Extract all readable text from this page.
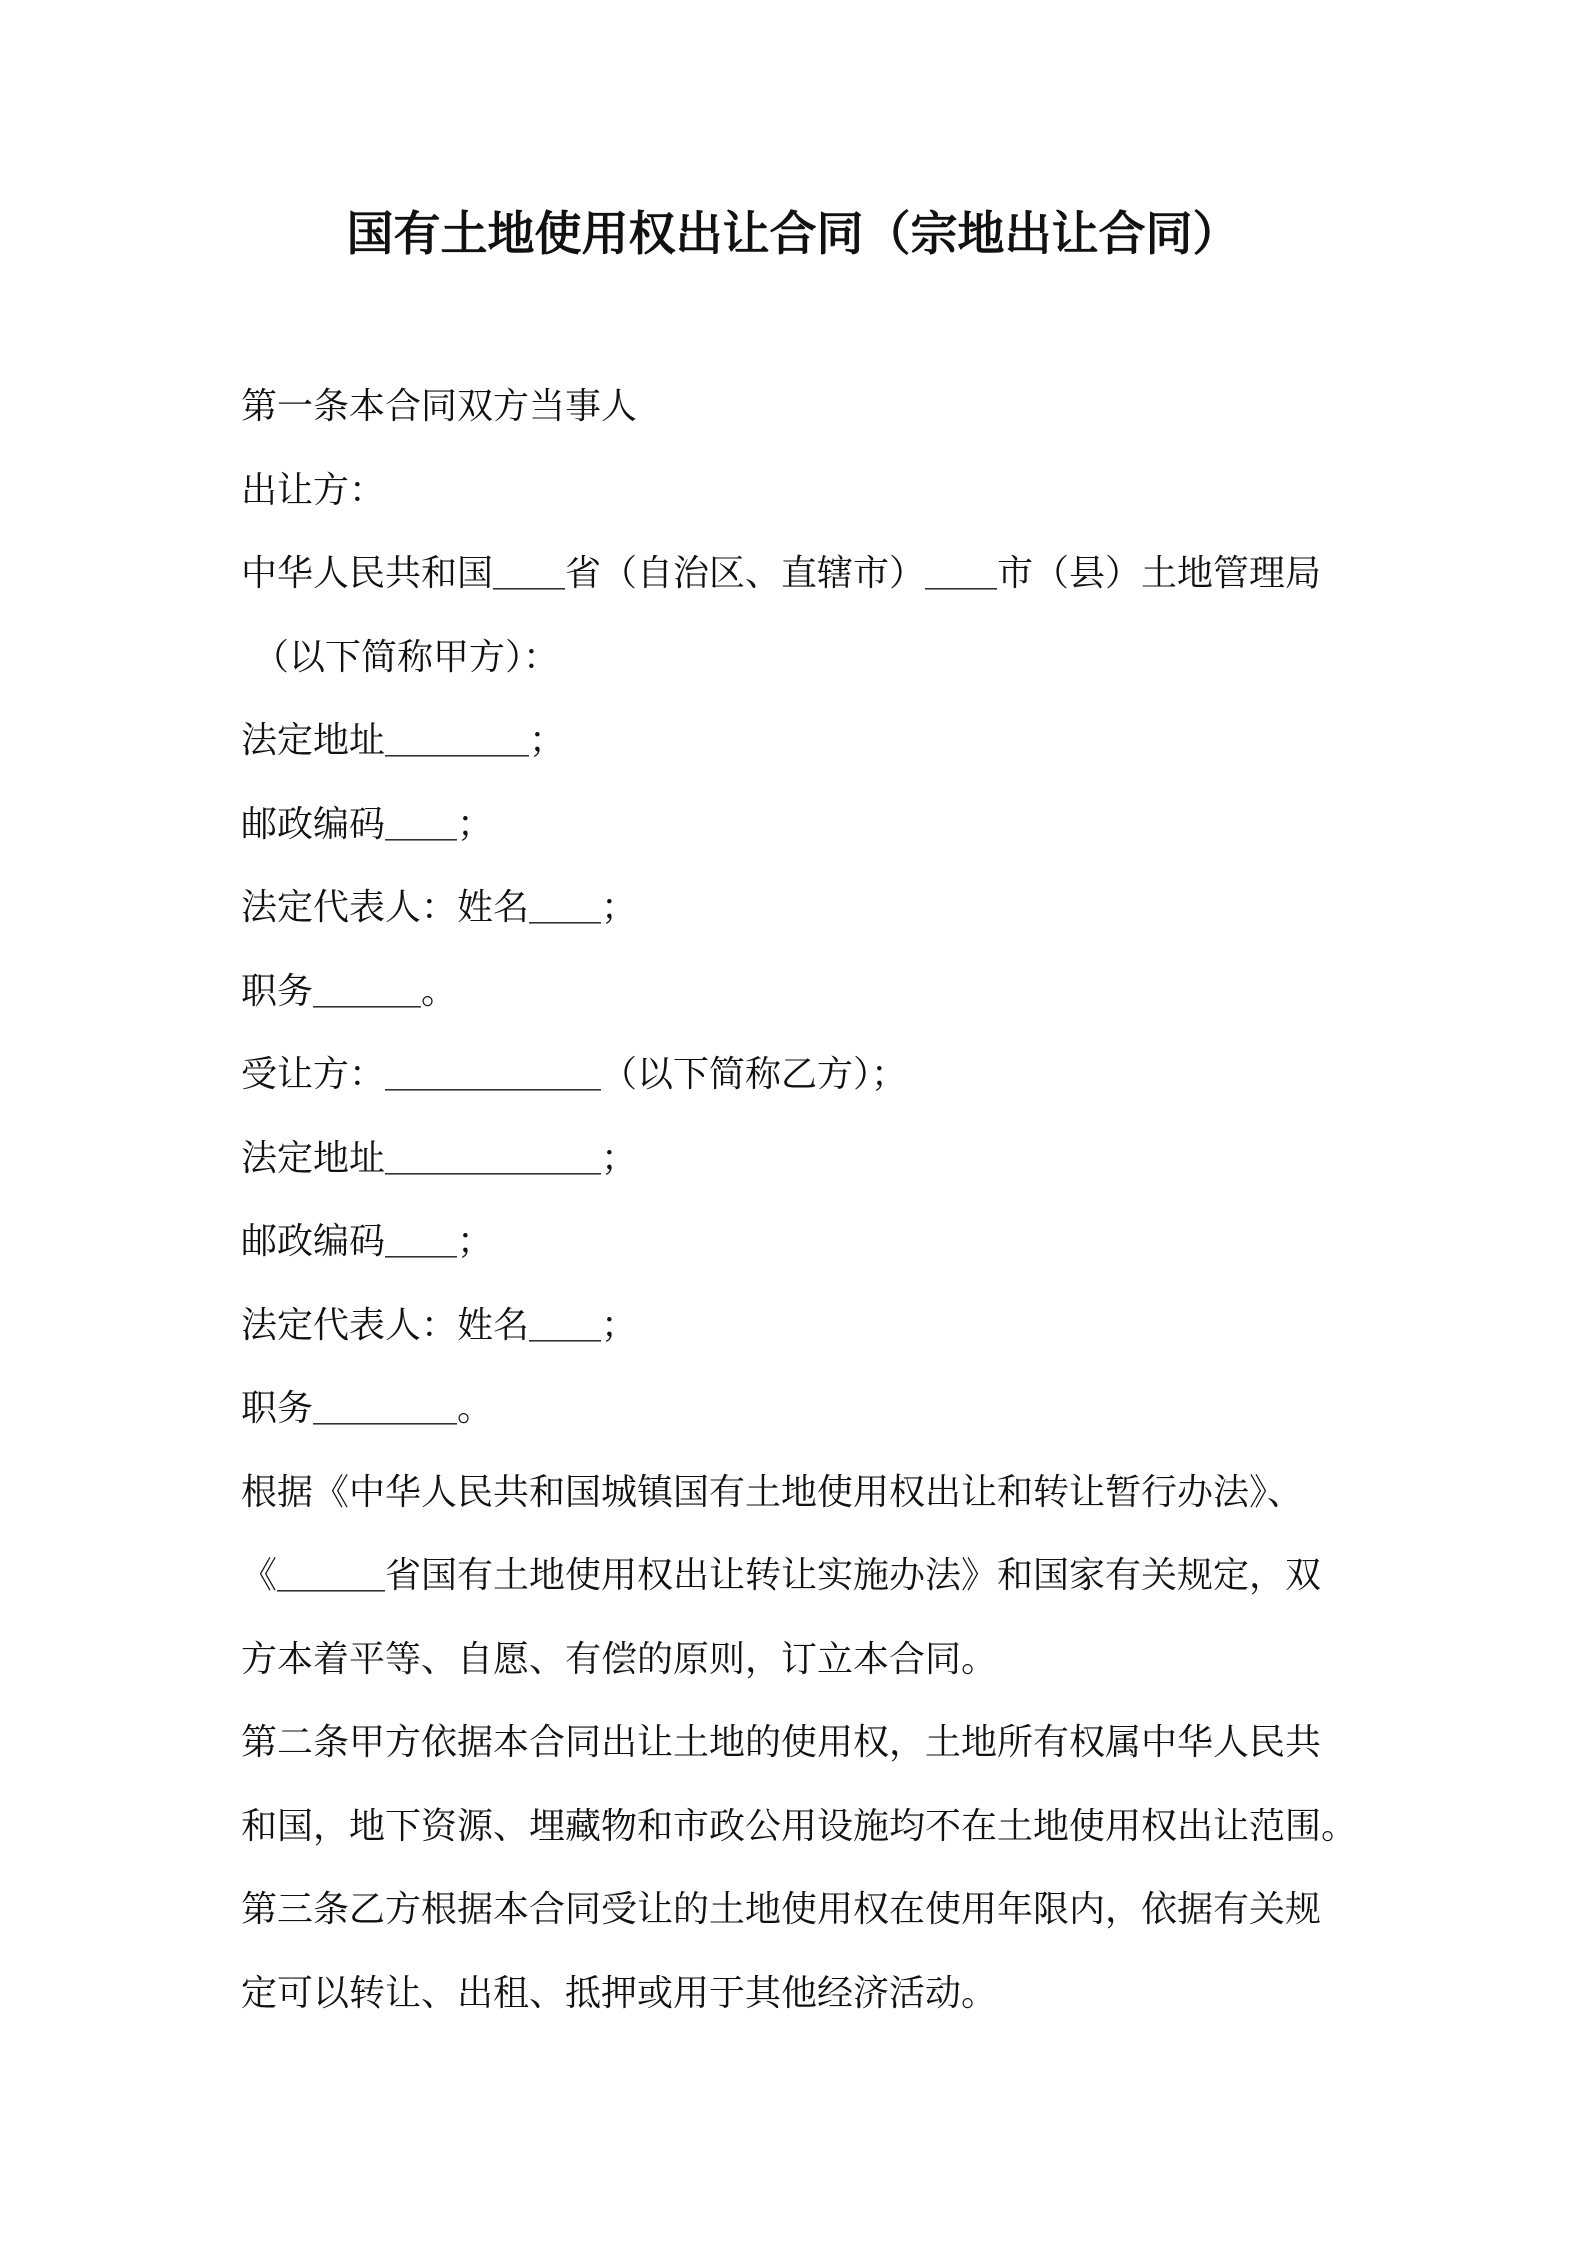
国有土地使用权出让合同（宗地出让合同）
第一条本合同双方当事人
出让方：
中华人民共和国＿＿省（自治区、直辖市）＿＿市（县）土地管理局
（以下简称甲方）：
法定地址＿＿＿＿；
邮政编码＿＿；
法定代表人：姓名＿＿；
职务＿＿＿。
受让方：＿＿＿＿＿＿（以下简称乙方）；
法定地址＿＿＿＿＿＿；
邮政编码＿＿；
法定代表人：姓名＿＿；
职务＿＿＿＿。
根据《中华人民共和国城镇国有土地使用权出让和转让暂行办法》、
《＿＿＿省国有土地使用权出让转让实施办法》和国家有关规定，双
方本着平等、自愿、有偿的原则，订立本合同。
第二条甲方依据本合同出让土地的使用权，土地所有权属中华人民共
和国，地下资源、埋藏物和市政公用设施均不在土地使用权出让范围。
第三条乙方根据本合同受让的土地使用权在使用年限内，依据有关规
定可以转让、出租、抵押或用于其他经济活动。
